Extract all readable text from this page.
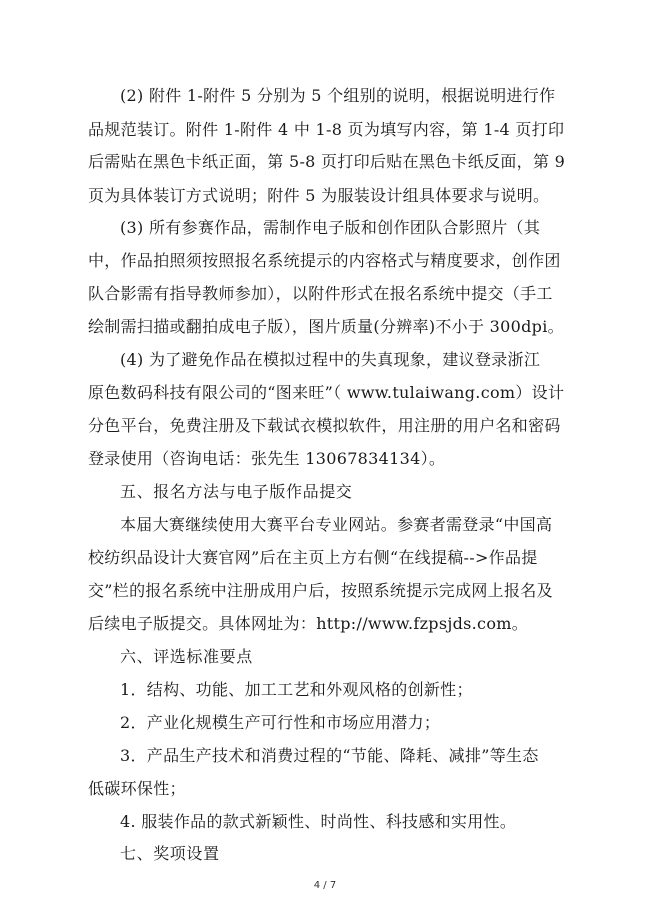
(2) 附件 1-附件 5 分别为 5 个组别的说明，根据说明进行作
品规范装订。附件 1-附件 4 中 1-8 页为填写内容，第 1-4 页打印
后需贴在黑色卡纸正面，第 5-8 页打印后贴在黑色卡纸反面，第 9
页为具体装订方式说明；附件 5 为服装设计组具体要求与说明。
(3) 所有参赛作品，需制作电子版和创作团队合影照片（其
中，作品拍照须按照报名系统提示的内容格式与精度要求，创作团
队合影需有指导教师参加），以附件形式在报名系统中提交（手工
绘制需扫描或翻拍成电子版），图片质量(分辨率)不小于 300dpi。
(4) 为了避免作品在模拟过程中的失真现象，建议登录浙江
原色数码科技有限公司的“图来旺”（ www.tulaiwang.com）设计
分色平台，免费注册及下载试衣模拟软件，用注册的用户名和密码
登录使用（咨询电话：张先生 13067834134）。
五、报名方法与电子版作品提交
本届大赛继续使用大赛平台专业网站。参赛者需登录“中国高
校纺织品设计大赛官网”后在主页上方右侧“在线提稿-->作品提
交”栏的报名系统中注册成用户后，按照系统提示完成网上报名及
后续电子版提交。具体网址为：http://www.fzpsjds.com。
六、评选标准要点
1．结构、功能、加工工艺和外观风格的创新性；
2．产业化规模生产可行性和市场应用潜力；
3．产品生产技术和消费过程的“节能、降耗、减排”等生态
低碳环保性；
4. 服装作品的款式新颖性、时尚性、科技感和实用性。
七、奖项设置
4 / 7
